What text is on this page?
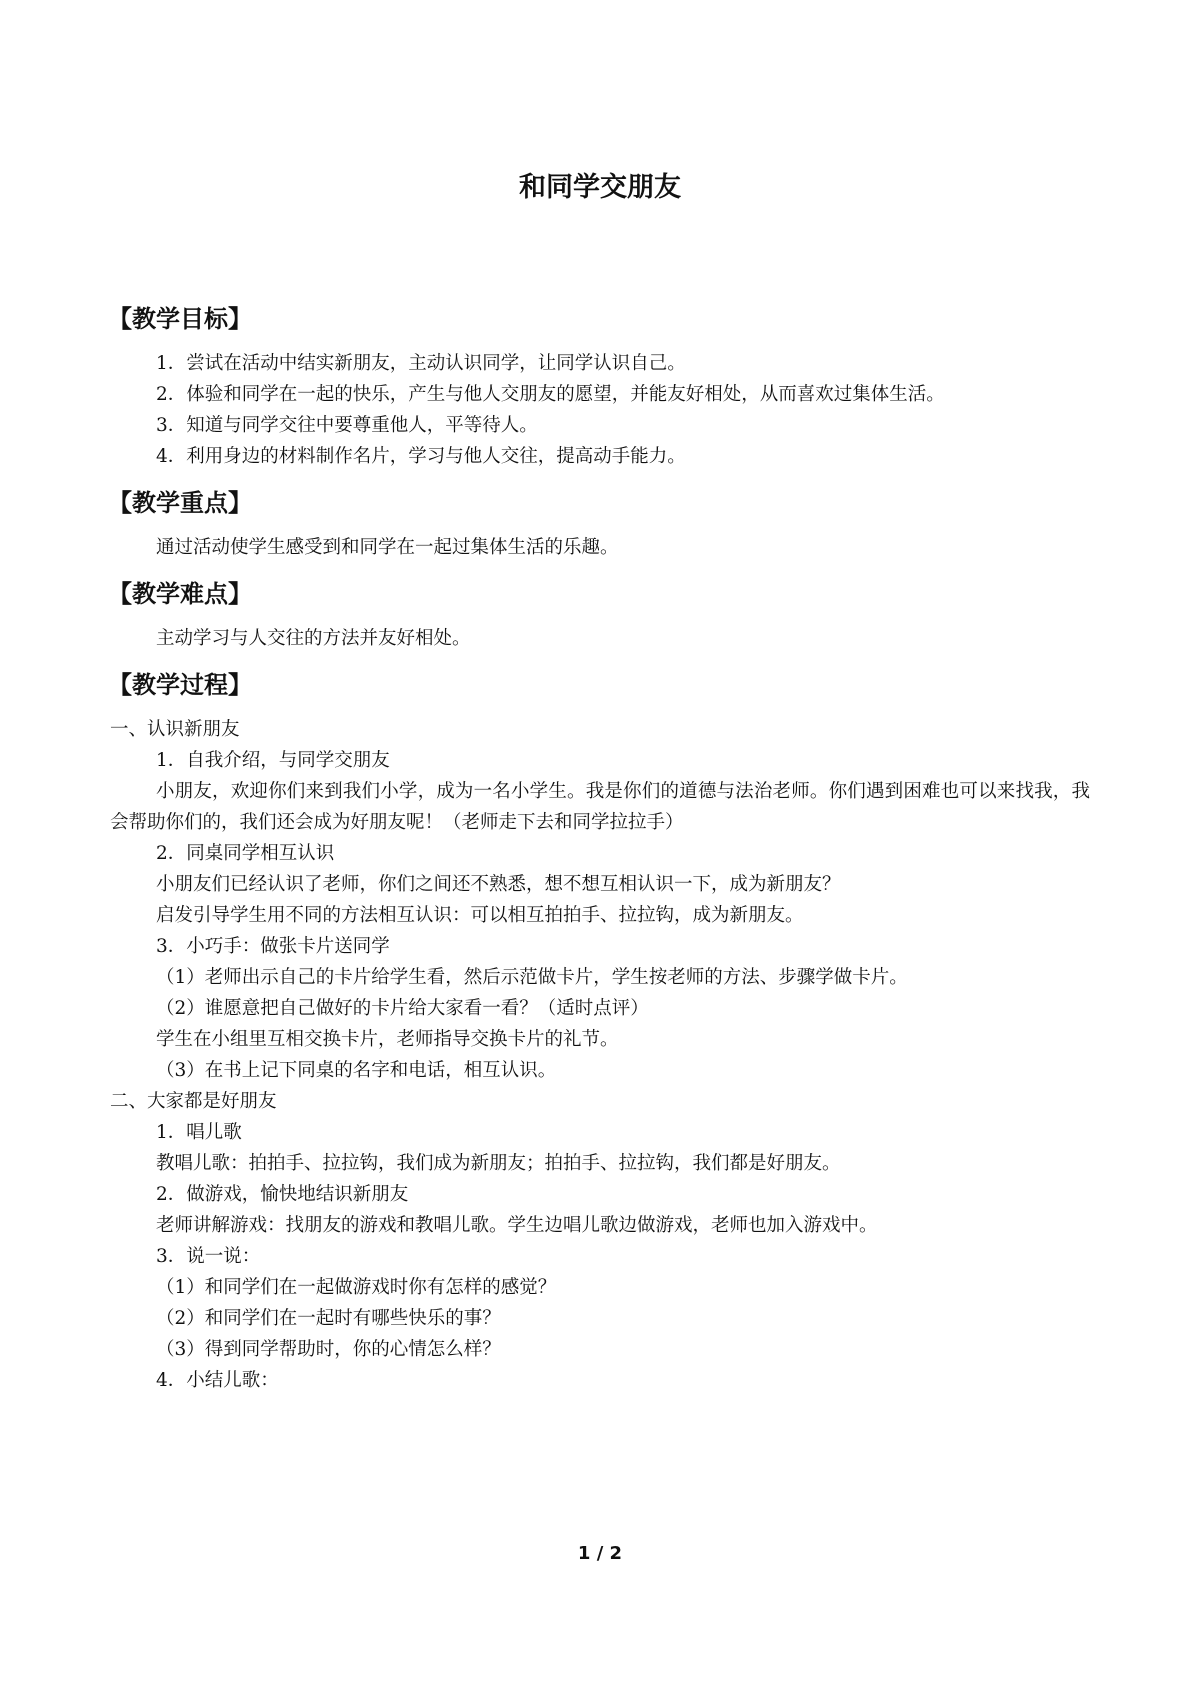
和同学交朋友
【教学目标】

1．尝试在活动中结实新朋友，主动认识同学，让同学认识自己。

2．体验和同学在一起的快乐，产生与他人交朋友的愿望，并能友好相处，从而喜欢过集体生活。

3．知道与同学交往中要尊重他人，平等待人。

4．利用身边的材料制作名片，学习与他人交往，提高动手能力。

【教学重点】

通过活动使学生感受到和同学在一起过集体生活的乐趣。

【教学难点】

主动学习与人交往的方法并友好相处。

【教学过程】

一、认识新朋友

1．自我介绍，与同学交朋友

小朋友，欢迎你们来到我们小学，成为一名小学生。我是你们的道德与法治老师。你们遇到困难也可以来找我，我会帮助你们的，我们还会成为好朋友呢！（老师走下去和同学拉拉手）

2．同桌同学相互认识

小朋友们已经认识了老师，你们之间还不熟悉，想不想互相认识一下，成为新朋友？

启发引导学生用不同的方法相互认识：可以相互拍拍手、拉拉钩，成为新朋友。

3．小巧手：做张卡片送同学

（1）老师出示自己的卡片给学生看，然后示范做卡片，学生按老师的方法、步骤学做卡片。

（2）谁愿意把自己做好的卡片给大家看一看？（适时点评）

学生在小组里互相交换卡片，老师指导交换卡片的礼节。

（3）在书上记下同桌的名字和电话，相互认识。

二、大家都是好朋友

1．唱儿歌

教唱儿歌：拍拍手、拉拉钩，我们成为新朋友；拍拍手、拉拉钩，我们都是好朋友。

2．做游戏，愉快地结识新朋友

老师讲解游戏：找朋友的游戏和教唱儿歌。学生边唱儿歌边做游戏，老师也加入游戏中。

3．说一说：

（1）和同学们在一起做游戏时你有怎样的感觉？

（2）和同学们在一起时有哪些快乐的事？

（3）得到同学帮助时，你的心情怎么样？

4．小结儿歌：

1 / 2
